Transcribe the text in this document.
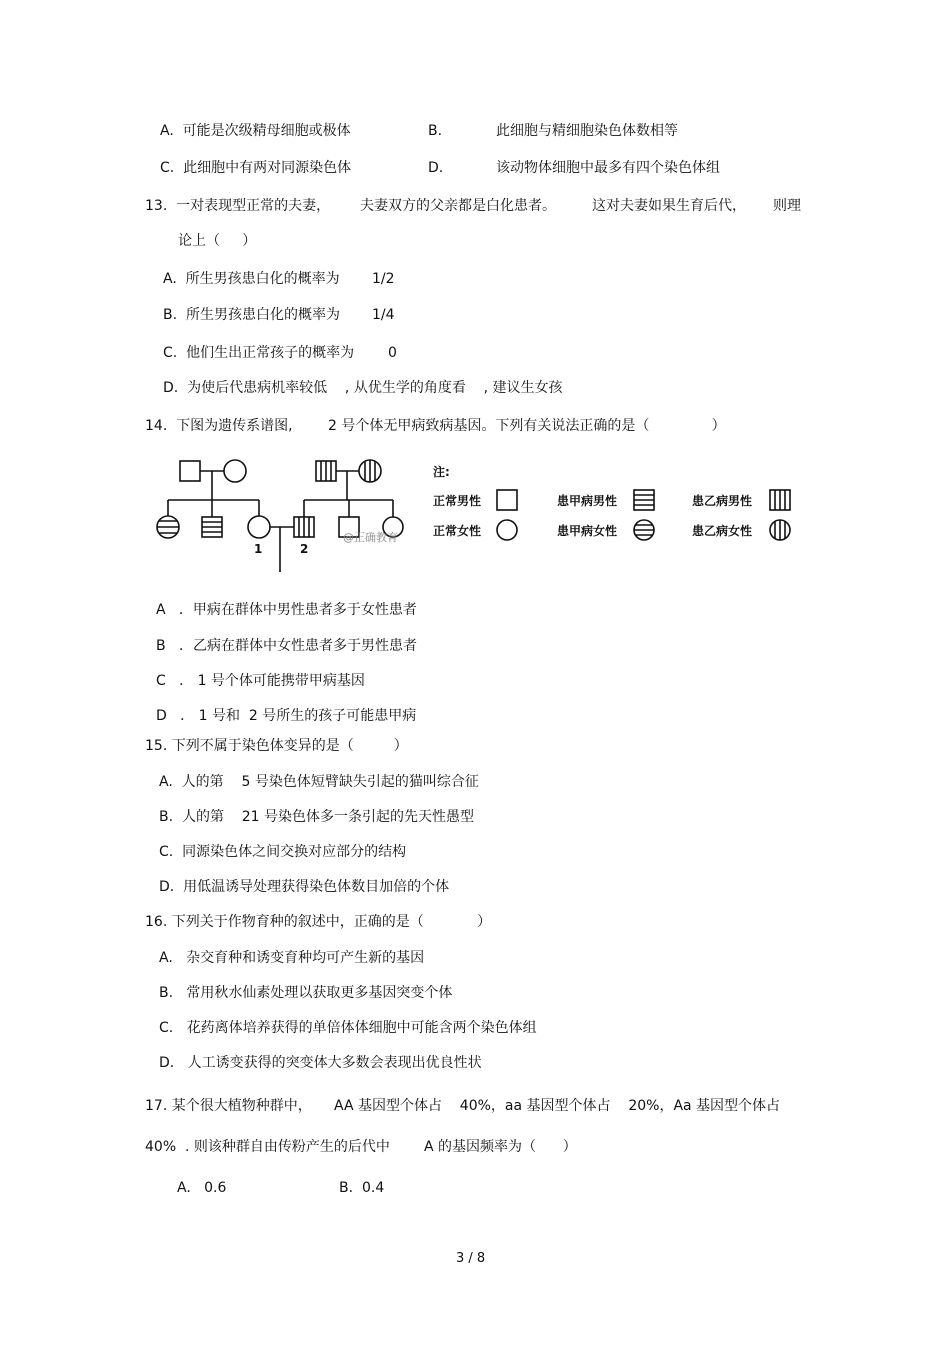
A.  可能是次级精母细胞或极体	B.	此细胞与精细胞染色体数相等
C.  此细胞中有两对同源染色体	D.	该动物体细胞中最多有四个染色体组
13.  一对表现型正常的夫妻， 夫妻双方的父亲都是白化患者。	这对夫妻如果生育后代， 则理
论上（     ）
A.  所生男孩患白化的概率为 1/2
B.  所生男孩患白化的概率为 1/4
C.  他们生出正常孩子的概率为 0
D.  为使后代患病机率较低    , 从优生学的角度看    , 建议生女孩
14.  下图为遗传系谱图,	2 号个体无甲病致病基因。下列有关说法正确的是（              ）
1	2
@正确教育
注:
正常男性
正常女性
患甲病男性
患甲病女性
患乙病男性
患乙病女性
A   ．甲病在群体中男性患者多于女性患者
B   ．乙病在群体中女性患者多于男性患者
C   ． 1 号个体可能携带甲病基因
D   ． 1 号和  2 号所生的孩子可能患甲病
15. 下列不属于染色体变异的是（         ）
A.  人的第    5 号染色体短臂缺失引起的猫叫综合征
B.  人的第    21 号染色体多一条引起的先天性愚型
C.  同源染色体之间交换对应部分的结构
D.  用低温诱导处理获得染色体数目加倍的个体
16. 下列关于作物育种的叙述中，正确的是（            ）
A.   杂交育种和诱变育种均可产生新的基因
B.   常用秋水仙素处理以获取更多基因突变个体
C.   花药离体培养获得的单倍体体细胞中可能含两个染色体组
D.   人工诱变获得的突变体大多数会表现出优良性状
17. 某个很大植物种群中， AA 基因型个体占    40%，aa 基因型个体占    20%，Aa 基因型个体占
40%  . 则该种群自由传粉产生的后代中 A 的基因频率为（      ）
A.   0.6	B.  0.4
3 / 8
